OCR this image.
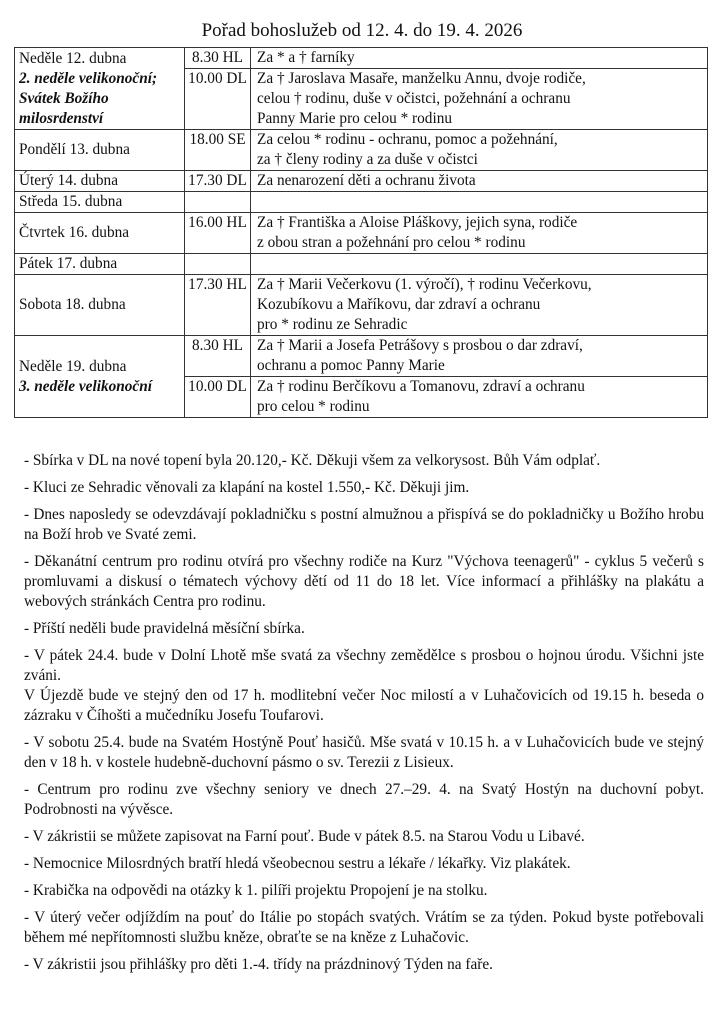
Pořad bohoslužeb od 12. 4. do 19. 4. 2026
Neděle 12. dubna
2. neděle velikonoční;
Svátek Božího
milosrdenství	8.30 HL	Za * a † farníky

	10.00 DL	Za † Jaroslava Masaře, manželku Annu, dvoje rodiče,
celou † rodinu, duše v očistci, požehnání a ochranu
Panny Marie pro celou * rodinu

Pondělí 13. dubna	18.00 SE	Za celou * rodinu - ochranu, pomoc a požehnání,
za † členy rodiny a za duše v očistci

Úterý 14. dubna	17.30 DL	Za nenarození děti a ochranu života

Středa 15. dubna		

Čtvrtek 16. dubna	16.00 HL	Za † Františka a Aloise Pláškovy, jejich syna, rodiče
z obou stran a požehnání pro celou * rodinu

Pátek 17. dubna		

Sobota 18. dubna	17.30 HL	Za † Marii Večerkovu (1. výročí), † rodinu Večerkovu,
Kozubíkovu a Maříkovu, dar zdraví a ochranu
pro * rodinu ze Sehradic

Neděle 19. dubna
3. neděle velikonoční	8.30 HL	Za † Marii a Josefa Petrášovy s prosbou o dar zdraví,
ochranu a pomoc Panny Marie

	10.00 DL	Za † rodinu Berčíkovu a Tomanovu, zdraví a ochranu
pro celou * rodinu

- Sbírka v DL na nové topení byla 20.120,- Kč. Děkuji všem za velkorysost. Bůh Vám odplať.

- Kluci ze Sehradic věnovali za klapání na kostel 1.550,- Kč. Děkuji jim.

- Dnes naposledy se odevzdávají pokladničku s postní almužnou a přispívá se do pokladničky u Božího hrobu na Boží hrob ve Svaté zemi.

- Děkanátní centrum pro rodinu otvírá pro všechny rodiče na Kurz "Výchova teenagerů" - cyklus 5 večerů s promluvami a diskusí o tématech výchovy dětí od 11 do 18 let. Více informací a přihlášky na plakátu a webových stránkách Centra pro rodinu.

- Příští neděli bude pravidelná měsíční sbírka.

- V pátek 24.4. bude v Dolní Lhotě mše svatá za všechny zemědělce s prosbou o hojnou úrodu. Všichni jste zváni.

V Újezdě bude ve stejný den od 17 h. modlitební večer Noc milostí a v Luhačovicích od 19.15 h. beseda o zázraku v Číhošti a mučedníku Josefu Toufarovi.

- V sobotu 25.4. bude na Svatém Hostýně Pouť hasičů. Mše svatá v 10.15 h. a v Luhačovicích bude ve stejný den v 18 h. v kostele hudebně-duchovní pásmo o sv. Terezii z Lisieux.

- Centrum pro rodinu zve všechny seniory ve dnech 27.–29. 4. na Svatý Hostýn na duchovní pobyt. Podrobnosti na vývěsce.

- V zákristii se můžete zapisovat na Farní pouť. Bude v pátek 8.5. na Starou Vodu u Libavé.

- Nemocnice Milosrdných bratří hledá všeobecnou sestru a lékaře / lékařky. Viz plakátek.

- Krabička na odpovědi na otázky k 1. pilíři projektu Propojení je na stolku.

- V úterý večer odjíždím na pouť do Itálie po stopách svatých. Vrátím se za týden. Pokud byste potřebovali během mé nepřítomnosti službu kněze, obraťte se na kněze z Luhačovic.

- V zákristii jsou přihlášky pro děti 1.-4. třídy na prázdninový Týden na faře.
